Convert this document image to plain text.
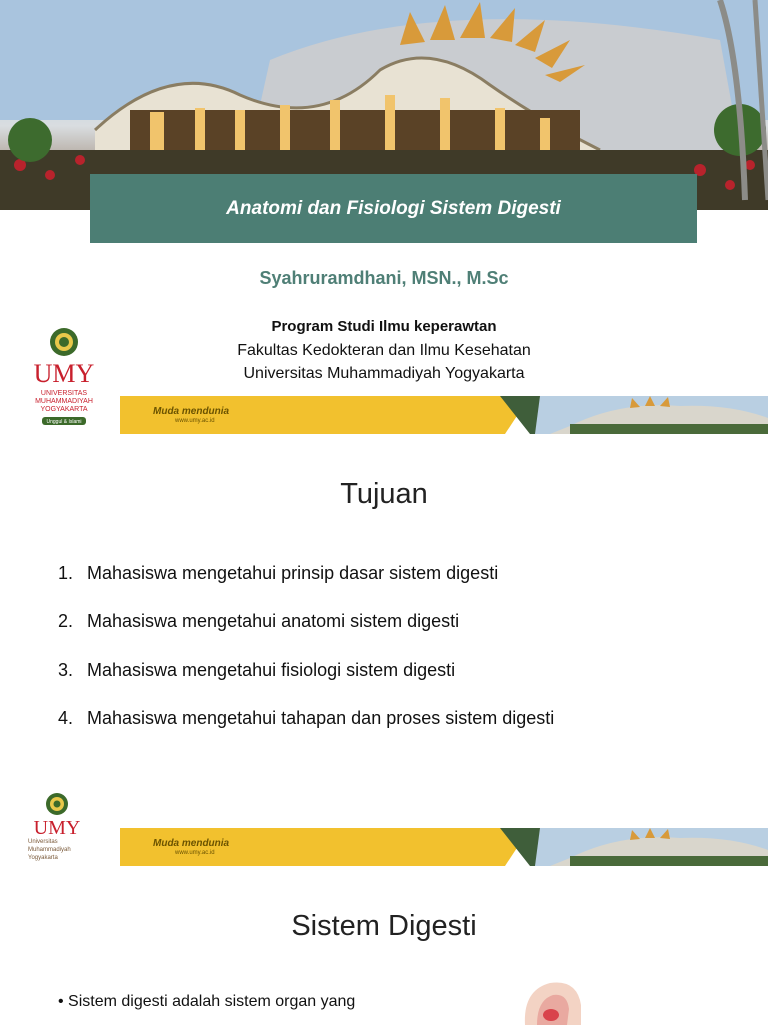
Anatomi dan Fisiologi Sistem Digesti
Syahruramdhani, MSN., M.Sc
Program Studi Ilmu keperawtan
Fakultas Kedokteran dan Ilmu Kesehatan
Universitas Muhammadiyah Yogyakarta
UMY
UNIVERSITAS
MUHAMMADIYAH
YOGYAKARTA
Unggul & Islami
Muda mendunia
www.umy.ac.id
Tujuan
1. Mahasiswa mengetahui prinsip dasar sistem digesti
2. Mahasiswa mengetahui anatomi sistem digesti
3. Mahasiswa mengetahui fisiologi sistem digesti
4. Mahasiswa mengetahui tahapan dan proses sistem digesti
UMY
Universitas
Muhammadiyah
Yogyakarta
Muda mendunia
www.umy.ac.id
Sistem Digesti
• Sistem digesti adalah sistem organ yang
